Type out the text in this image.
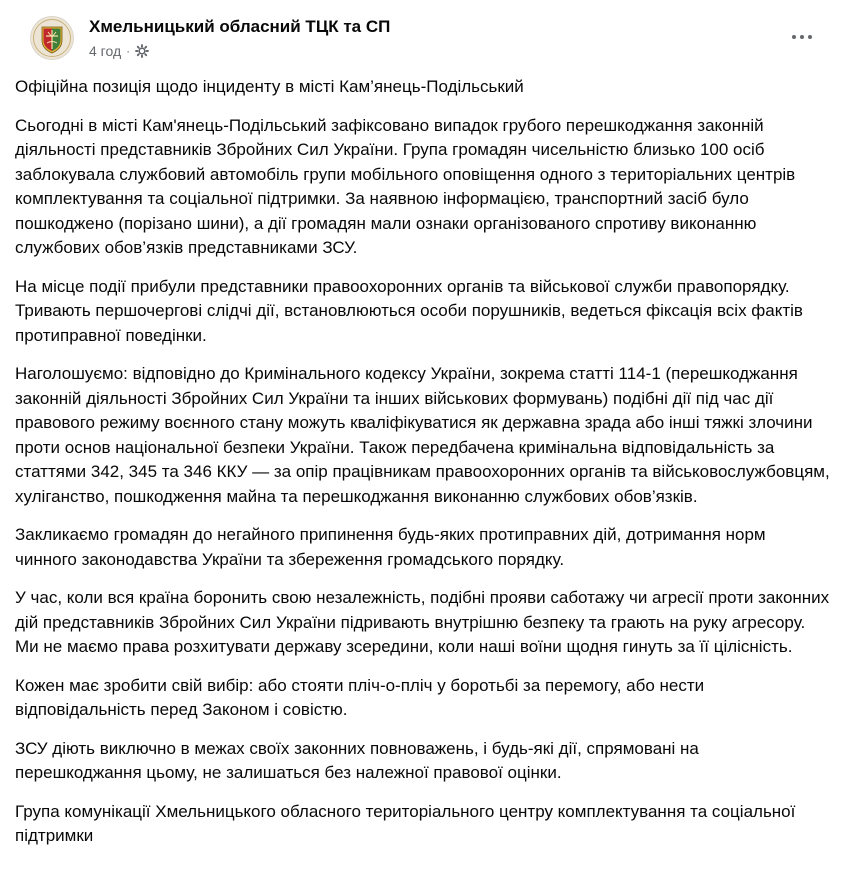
Хмельницький обласний ТЦК та СП
4 год ·

Офіційна позиція щодо інциденту в місті Кам’янець-Подільський

Сьогодні в місті Кам'янець-Подільський зафіксовано випадок грубого перешкоджання законній діяльності представників Збройних Сил України. Група громадян чисельністю близько 100 осіб заблокувала службовий автомобіль групи мобільного оповіщення одного з територіальних центрів комплектування та соціальної підтримки. За наявною інформацією, транспортний засіб було пошкоджено (порізано шини), а дії громадян мали ознаки організованого спротиву виконанню службових обов’язків представниками ЗСУ.

На місце події прибули представники правоохоронних органів та військової служби правопорядку. Тривають першочергові слідчі дії, встановлюються особи порушників, ведеться фіксація всіх фактів протиправної поведінки.

Наголошуємо: відповідно до Кримінального кодексу України, зокрема статті 114-1 (перешкоджання законній діяльності Збройних Сил України та інших військових формувань) подібні дії під час дії правового режиму воєнного стану можуть кваліфікуватися як державна зрада або інші тяжкі злочини проти основ національної безпеки України. Також передбачена кримінальна відповідальність за статтями 342, 345 та 346 ККУ — за опір працівникам правоохоронних органів та військовослужбовцям, хуліганство, пошкодження майна та перешкоджання виконанню службових обов’язків.

Закликаємо громадян до негайного припинення будь-яких протиправних дій, дотримання норм чинного законодавства України та збереження громадського порядку.

У час, коли вся країна боронить свою незалежність, подібні прояви саботажу чи агресії проти законних дій представників Збройних Сил України підривають внутрішню безпеку та грають на руку агресору. Ми не маємо права розхитувати державу зсередини, коли наші воїни щодня гинуть за її цілісність.

Кожен має зробити свій вибір: або стояти пліч-о-пліч у боротьбі за перемогу, або нести відповідальність перед Законом і совістю.

ЗСУ діють виключно в межах своїх законних повноважень, і будь-які дії, спрямовані на перешкоджання цьому, не залишаться без належної правової оцінки.

Група комунікації Хмельницького обласного територіального центру комплектування та соціальної підтримки
